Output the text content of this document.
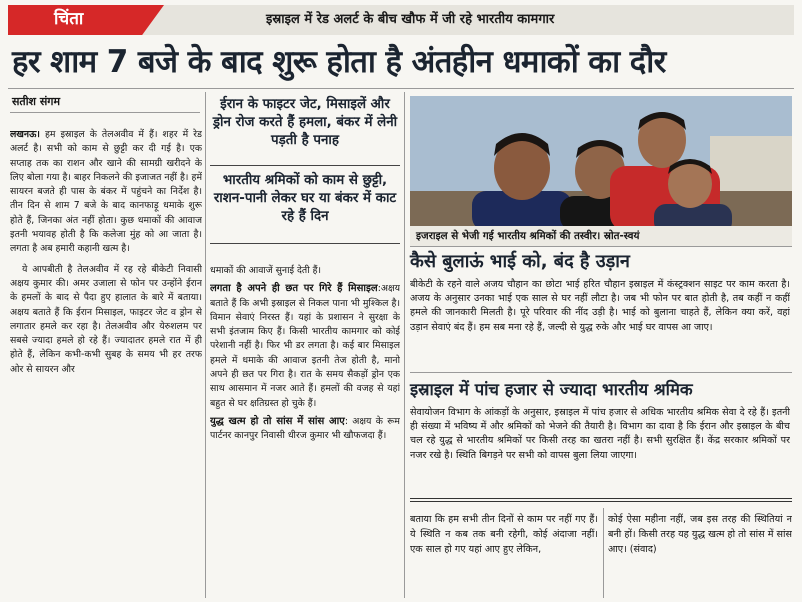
चिंता	इस्राइल में रेड अलर्ट के बीच खौफ में जी रहे भारतीय कामगार
हर शाम 7 बजे के बाद शुरू होता है अंतहीन धमाकों का दौर
सतीश संगम

लखनऊ। हम इस्राइल के तेलअवीव में हैं। शहर में रेड अलर्ट है। सभी को काम से छुट्टी कर दी गई है। एक सप्ताह तक का राशन और खाने की सामग्री खरीदने के लिए बोला गया है। बाहर निकलने की इजाजत नहीं है। हमें सायरन बजते ही पास के बंकर में पहुंचने का निर्देश है। तीन दिन से शाम 7 बजे के बाद कानफाड़ू धमाके शुरू होते हैं, जिनका अंत नहीं होता। कुछ धमाकों की आवाज इतनी भयावह होती है कि कलेजा मुंह को आ जाता है। लगता है अब हमारी कहानी खत्म है।

ये आपबीती है तेलअवीव में रह रहे बीकेटी निवासी अक्षय कुमार की। अमर उजाला से फोन पर उन्होंने ईरान के हमलों के बाद से पैदा हुए हालात के बारे में बताया। अक्षय बताते हैं कि ईरान मिसाइल, फाइटर जेट व ड्रोन से लगातार हमले कर रहा है। तेलअवीव और येरुशलम पर सबसे ज्यादा हमले हो रहे हैं। ज्यादातर हमले रात में ही होते हैं, लेकिन कभी-कभी सुबह के समय भी हर तरफ ओर से सायरन और

ईरान के फाइटर जेट, मिसाइलें और ड्रोन रोज करते हैं हमला, बंकर में लेनी पड़ती है पनाह
भारतीय श्रमिकों को काम से छुट्टी, राशन-पानी लेकर घर या बंकर में काट रहे हैं दिन

धमाकों की आवाजें सुनाई देती हैं।

लगता है अपने ही छत पर गिरे हैं मिसाइल:अक्षय बताते हैं कि अभी इस्राइल से निकल पाना भी मुश्किल है। विमान सेवाएं निरस्त हैं। यहां के प्रशासन ने सुरक्षा के सभी इंतजाम किए हैं। किसी भारतीय कामगार को कोई परेशानी नहीं है। फिर भी डर लगता है। कई बार मिसाइल हमले में धमाके की आवाज इतनी तेज होती है, मानो अपने ही छत पर गिरा है। रात के समय सैकड़ों ड्रोन एक साथ आसमान में नजर आते हैं। हमलों की वजह से यहां बहुत से घर क्षतिग्रस्त हो चुके हैं।

युद्ध खत्म हो तो सांस में सांस आए: अक्षय के रूम पार्टनर कानपुर निवासी धीरज कुमार भी खौफजदा हैं।

इजराइल से भेजी गई भारतीय श्रमिकों की तस्वीर। स्रोत-स्वयं
कैसे बुलाऊं भाई को, बंद है उड़ान

बीकेटी के रहने वाले अजय चौहान का छोटा भाई हरित चौहान इस्राइल में कंस्ट्रक्शन साइट पर काम करता है। अजय के अनुसार उनका भाई एक साल से घर नहीं लौटा है। जब भी फोन पर बात होती है, तब कहीं न कहीं हमले की जानकारी मिलती है। पूरे परिवार की नींद उड़ी है। भाई को बुलाना चाहते हैं, लेकिन क्या करें, वहां उड़ान सेवाएं बंद हैं। हम सब मना रहे हैं, जल्दी से युद्ध रुके और भाई घर वापस आ जाए।

इस्राइल में पांच हजार से ज्यादा भारतीय श्रमिक

सेवायोजन विभाग के आंकड़ों के अनुसार, इस्राइल में पांच हजार से अधिक भारतीय श्रमिक सेवा दे रहे हैं। इतनी ही संख्या में भविष्य में और श्रमिकों को भेजने की तैयारी है। विभाग का दावा है कि ईरान और इस्राइल के बीच चल रहे युद्ध से भारतीय श्रमिकों पर किसी तरह का खतरा नहीं है। सभी सुरक्षित हैं। केंद्र सरकार श्रमिकों पर नजर रखे है। स्थिति बिगड़ने पर सभी को वापस बुला लिया जाएगा।

बताया कि हम सभी तीन दिनों से काम पर नहीं गए हैं। ये स्थिति न कब तक बनी रहेगी, कोई अंदाजा नहीं। एक साल हो गए यहां आए हुए लेकिन,

कोई ऐसा महीना नहीं, जब इस तरह की स्थितियां न बनी हों। किसी तरह यह युद्ध खत्म हो तो सांस में सांस आए। (संवाद)
